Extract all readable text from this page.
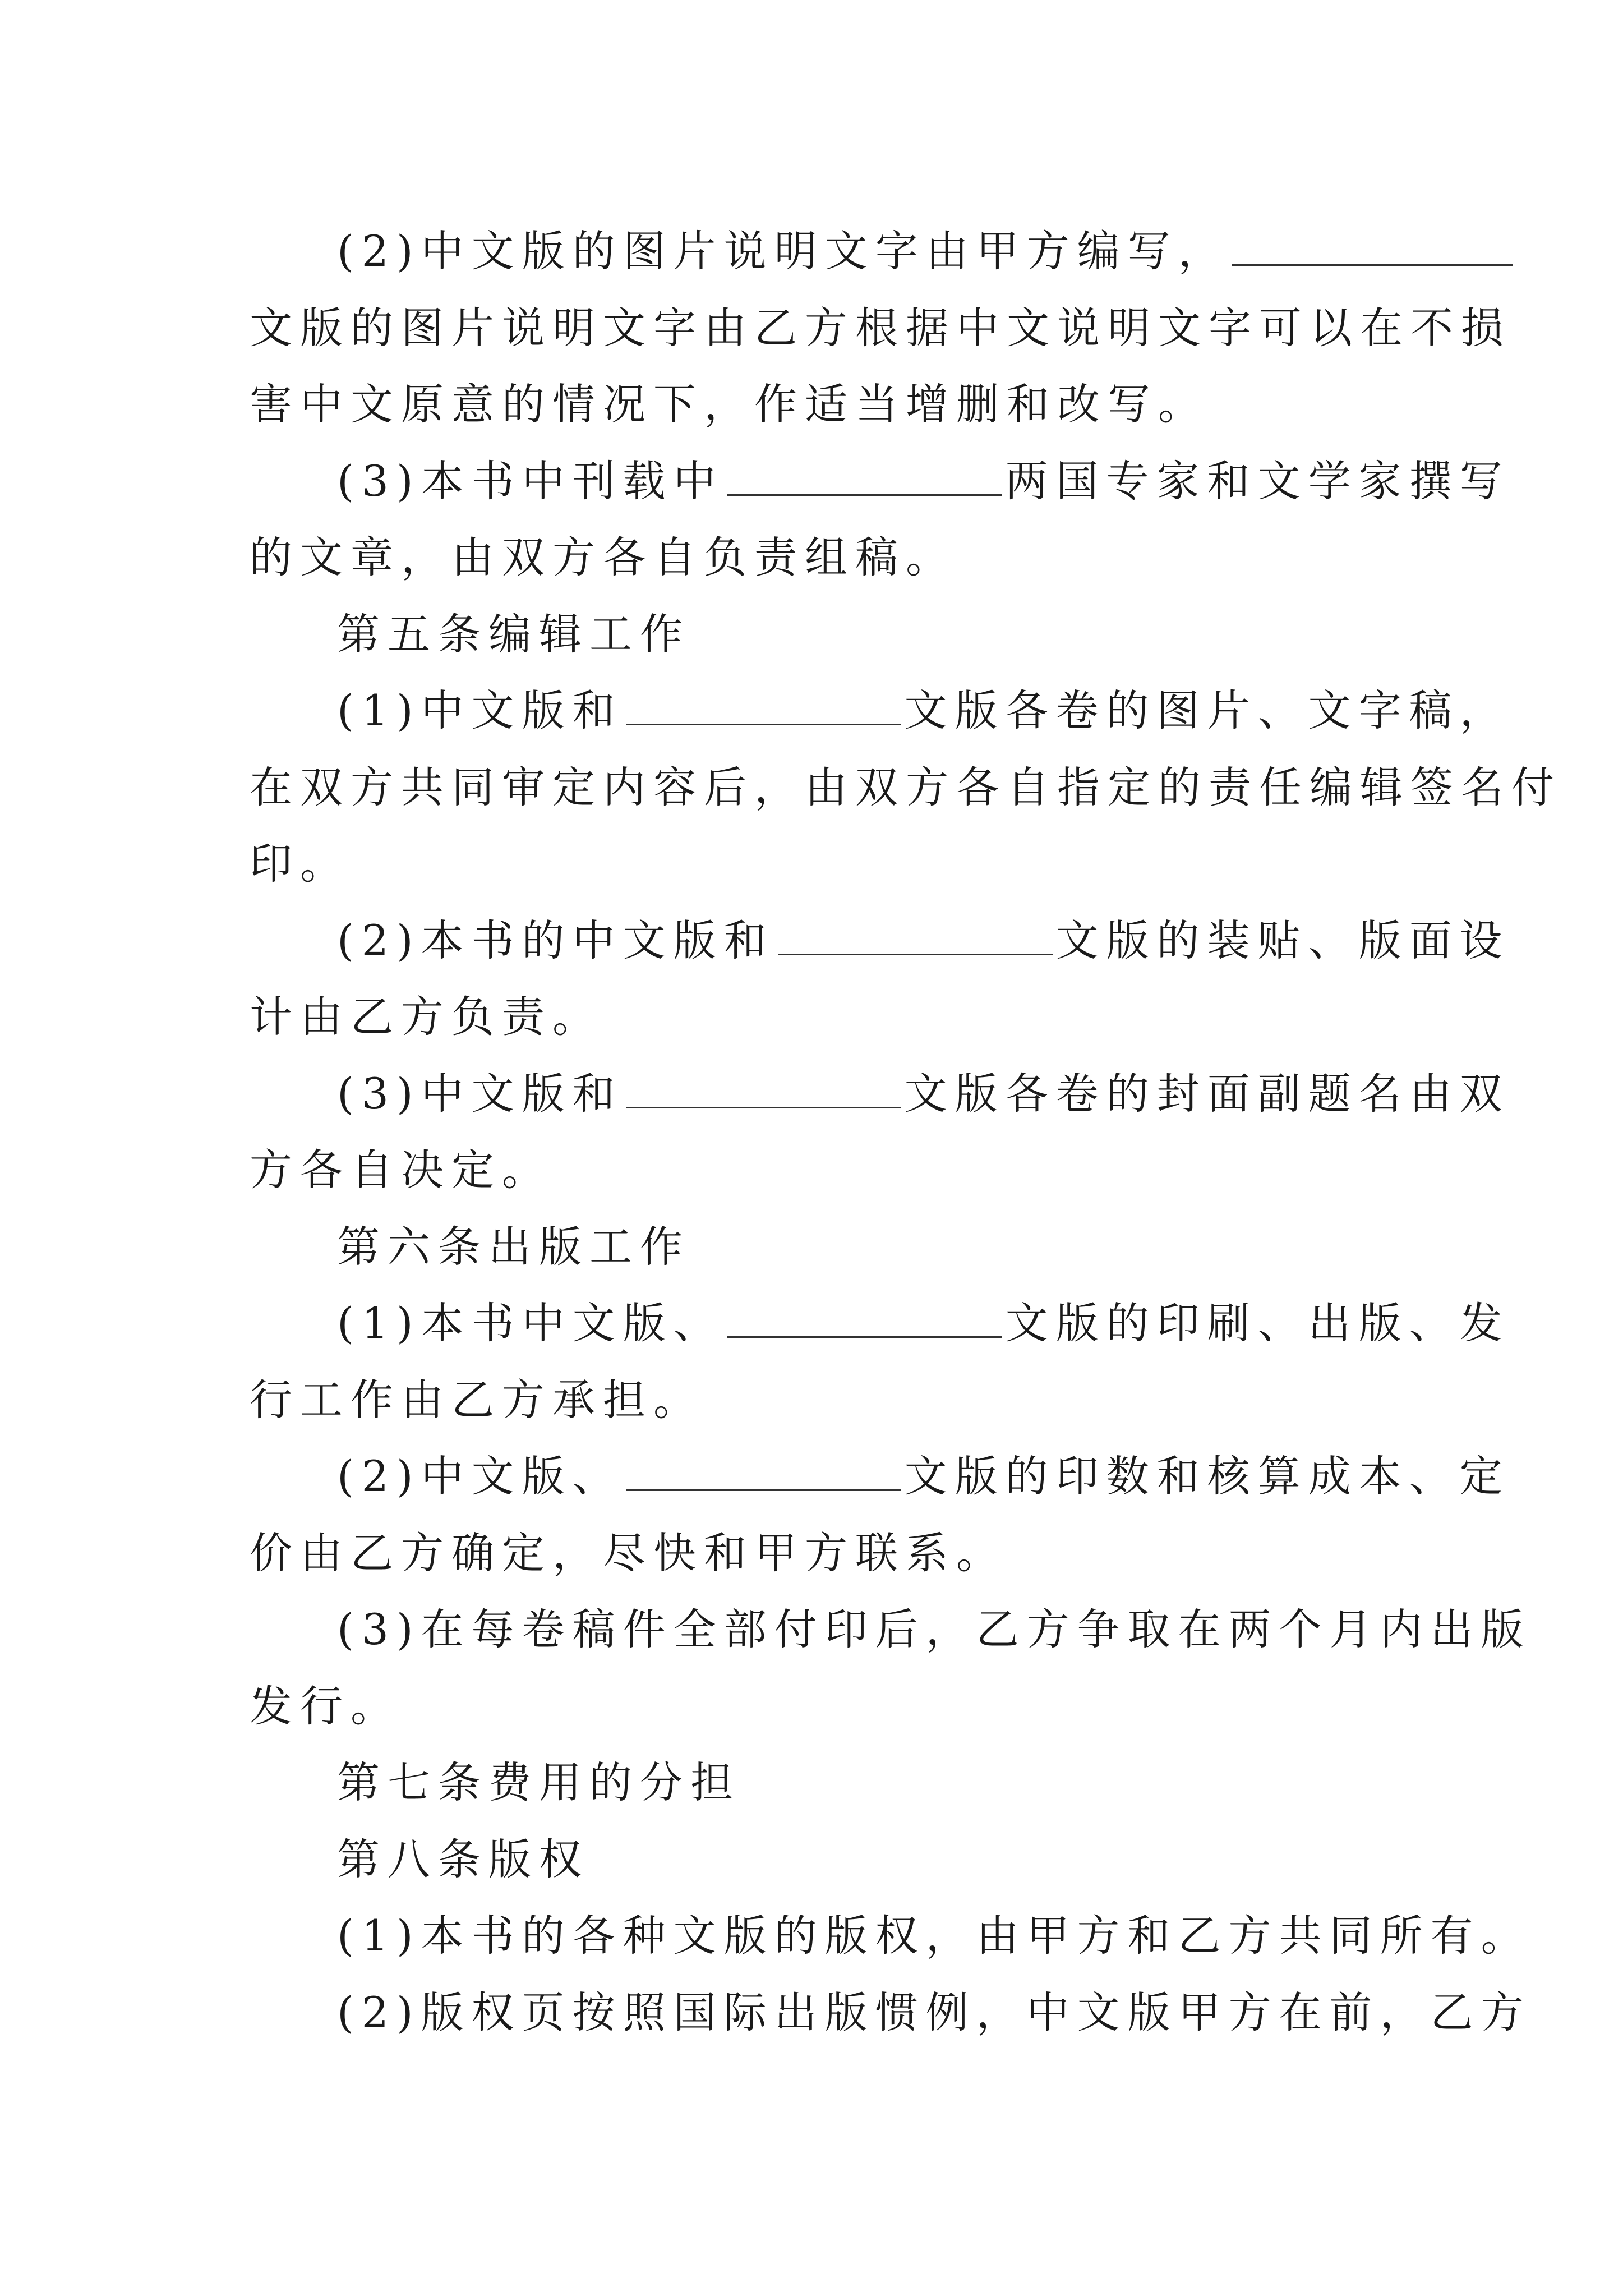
(2)中文版的图片说明文字由甲方编写，
文版的图片说明文字由乙方根据中文说明文字可以在不损
害中文原意的情况下，作适当增删和改写。
(3)本书中刊载中	两国专家和文学家撰写
的文章，由双方各自负责组稿。
第五条编辑工作
(1)中文版和	文版各卷的图片、文字稿，
在双方共同审定内容后，由双方各自指定的责任编辑签名付
印。
(2)本书的中文版和	文版的装贴、版面设
计由乙方负责。
(3)中文版和	文版各卷的封面副题名由双
方各自决定。
第六条出版工作
(1)本书中文版、	文版的印刷、出版、发
行工作由乙方承担。
(2)中文版、	文版的印数和核算成本、定
价由乙方确定，尽快和甲方联系。
(3)在每卷稿件全部付印后，乙方争取在两个月内出版
发行。
第七条费用的分担
第八条版权
(1)本书的各种文版的版权，由甲方和乙方共同所有。
(2)版权页按照国际出版惯例，中文版甲方在前，乙方
